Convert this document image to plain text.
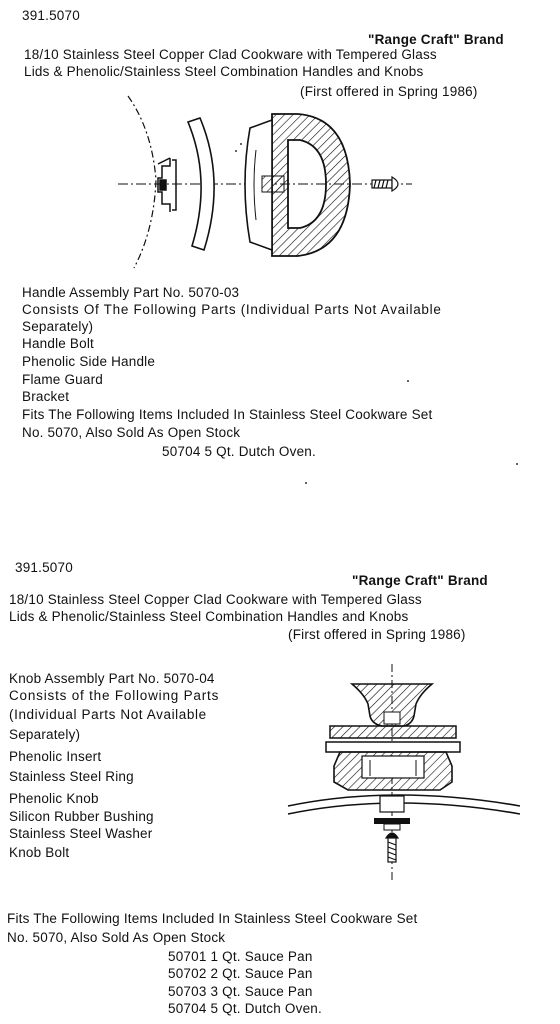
391.5070
"Range Craft" Brand
18/10 Stainless Steel Copper Clad Cookware with Tempered Glass
Lids & Phenolic/Stainless Steel Combination Handles and Knobs
(First offered in Spring 1986)
Handle Assembly Part No. 5070-03
Consists Of The Following Parts (Individual Parts Not Available
Separately)
Handle Bolt
Phenolic Side Handle
Flame Guard
Bracket
Fits The Following Items Included In Stainless Steel Cookware Set
No. 5070, Also Sold As Open Stock
50704 5 Qt. Dutch Oven.
391.5070
"Range Craft" Brand
18/10 Stainless Steel Copper Clad Cookware with Tempered Glass
Lids & Phenolic/Stainless Steel Combination Handles and Knobs
(First offered in Spring 1986)
Knob Assembly Part No. 5070-04
Consists of the Following Parts
(Individual Parts Not Available
Separately)
Phenolic Insert
Stainless Steel Ring
Phenolic Knob
Silicon Rubber Bushing
Stainless Steel Washer
Knob Bolt
Fits The Following Items Included In Stainless Steel Cookware Set
No. 5070, Also Sold As Open Stock
50701 1 Qt. Sauce Pan
50702 2 Qt. Sauce Pan
50703 3 Qt. Sauce Pan
50704 5 Qt. Dutch Oven.
